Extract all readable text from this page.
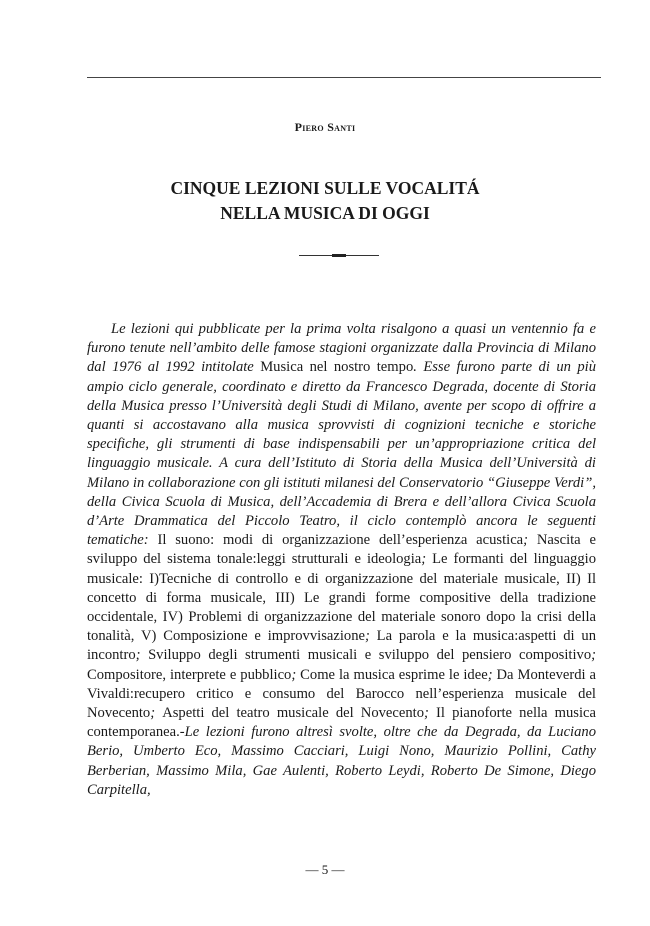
Piero Santi
CINQUE LEZIONI SULLE VOCALITÁ
NELLA MUSICA DI OGGI

Le lezioni qui pubblicate per la prima volta risalgono a quasi un ventennio fa e furono tenute nell’ambito delle famose stagioni organizzate dalla Provincia di Milano dal 1976 al 1992 intitolate Musica nel nostro tempo. Esse furono parte di un più ampio ciclo generale, coordinato e diretto da Francesco Degrada, docente di Storia della Musica presso l’Università degli Studi di Milano, avente per scopo di offrire a quanti si accostavano alla musica sprovvisti di cognizioni tecniche e storiche specifiche, gli strumenti di base indispensabili per un’appropriazione critica del linguaggio musicale. A cura dell’Istituto di Storia della Musica dell’Università di Milano in collaborazione con gli istituti milanesi del Conservatorio “Giuseppe Verdi”, della Civica Scuola di Musica, dell’Accademia di Brera e dell’allora Civica Scuola d’Arte Drammatica del Piccolo Teatro, il ciclo contemplò ancora le seguenti tematiche: Il suono: modi di organizzazione dell’esperienza acustica; Nascita e sviluppo del sistema tonale:leggi strutturali e ideologia; Le formanti del linguaggio musicale: I)Tecniche di controllo e di organizzazione del materiale musicale, II) Il concetto di forma musicale, III) Le grandi forme compositive della tradizione occidentale, IV) Problemi di organizzazione del materiale sonoro dopo la crisi della tonalità, V) Composizione e improvvisazione; La parola e la musica:aspetti di un incontro; Sviluppo degli strumenti musicali e sviluppo del pensiero compositivo; Compositore, interprete e pubblico; Come la musica esprime le idee; Da Monteverdi a Vivaldi:recupero critico e consumo del Barocco nell’esperienza musicale del Novecento; Aspetti del teatro musicale del Novecento; Il pianoforte nella musica contemporanea.-Le lezioni furono altresì svolte, oltre che da Degrada, da Luciano Berio, Umberto Eco, Massimo Cacciari, Luigi Nono, Maurizio Pollini, Cathy Berberian, Massimo Mila, Gae Aulenti, Roberto Leydi, Roberto De Simone, Diego Carpitella,

— 5 —
